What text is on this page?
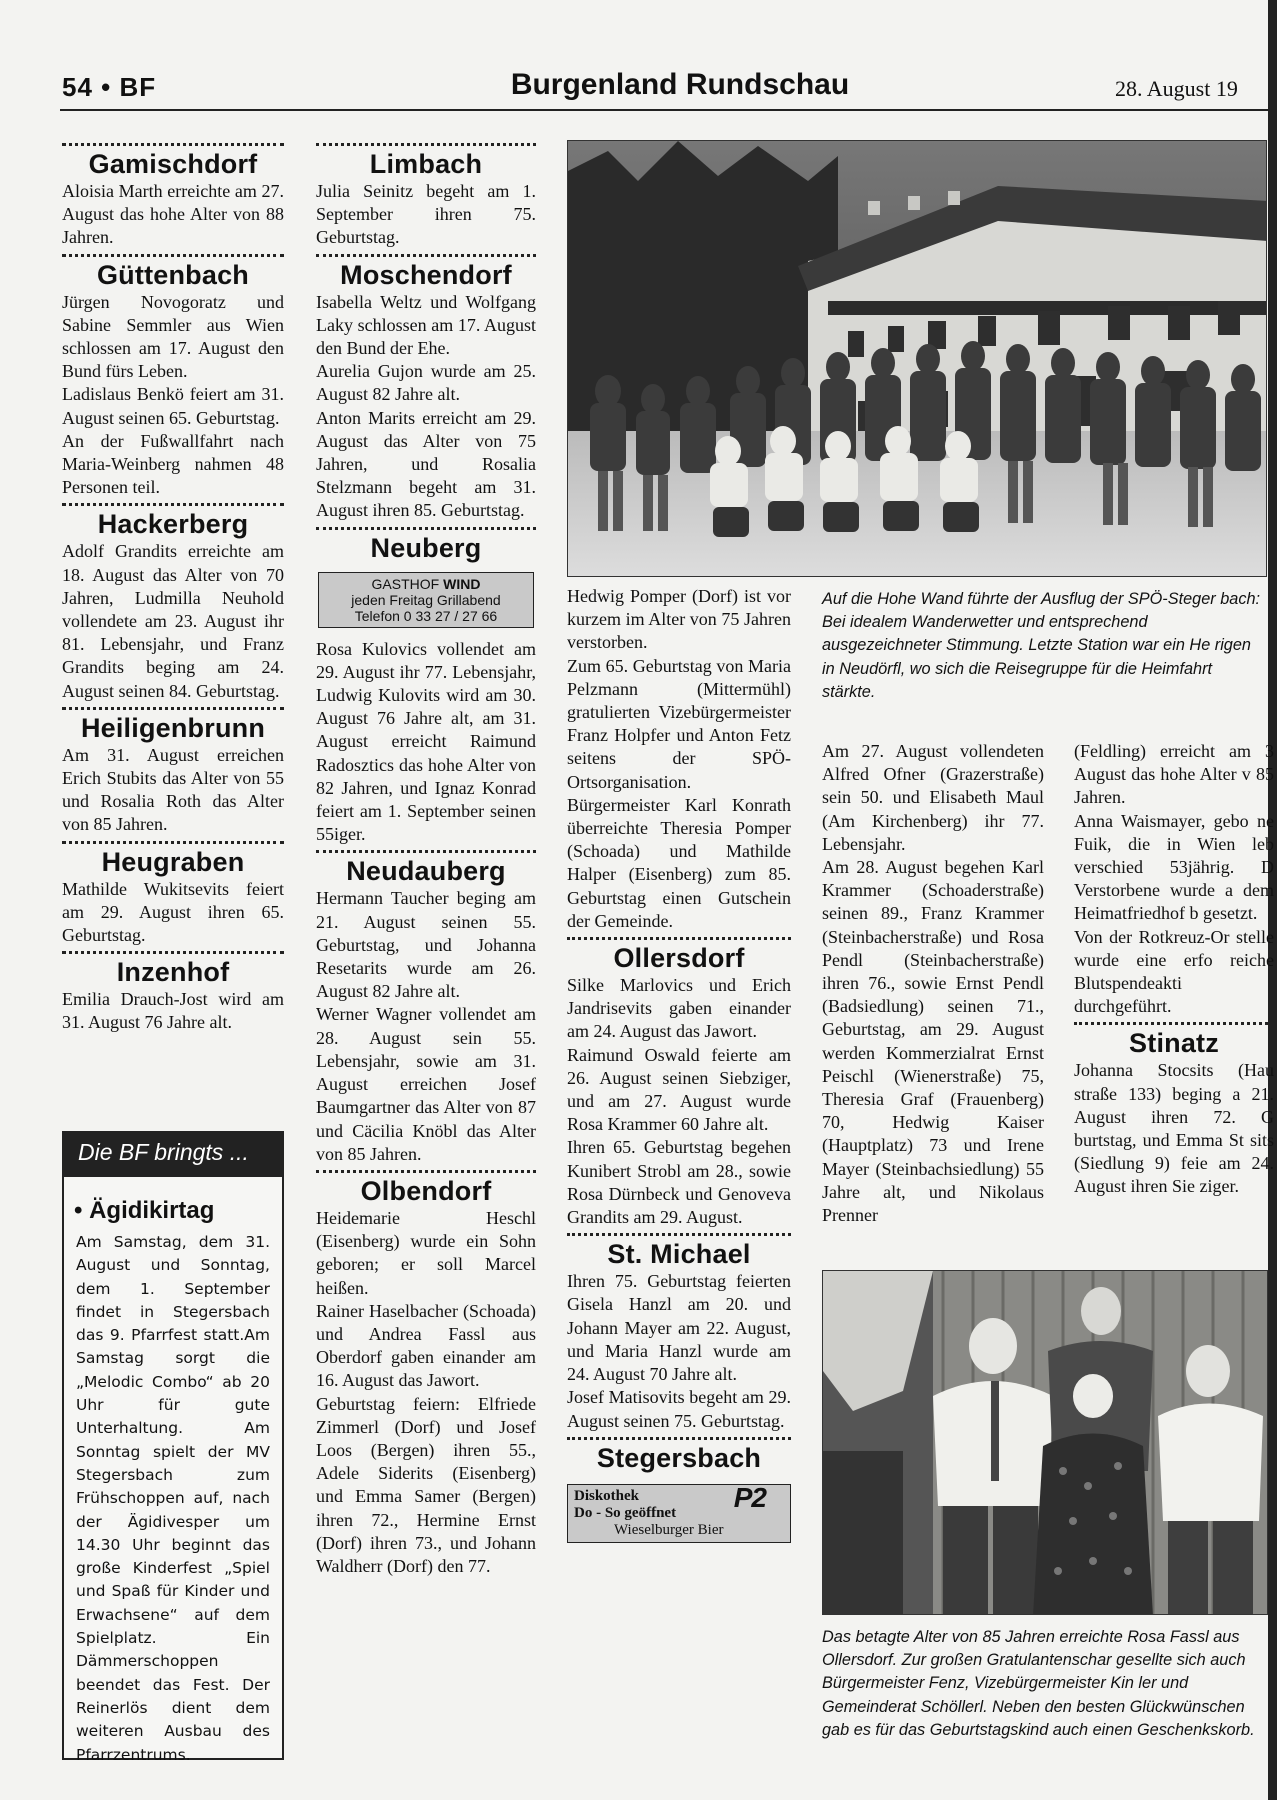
54 • BF	Burgenland Rundschau	28. August 19
Gamischdorf

Aloisia Marth erreichte am 27. August das hohe Alter von 88 Jahren.

Güttenbach

Jürgen Novogoratz und Sabine Semmler aus Wien schlossen am 17. August den Bund fürs Leben.

Ladislaus Benkö feiert am 31. August seinen 65. Geburtstag.

An der Fußwallfahrt nach Maria-Weinberg nahmen 48 Personen teil.

Hackerberg

Adolf Grandits erreichte am 18. August das Alter von 70 Jahren, Ludmilla Neuhold vollendete am 23. August ihr 81. Lebensjahr, und Franz Grandits beging am 24. August seinen 84. Geburtstag.

Heiligenbrunn

Am 31. August erreichen Erich Stubits das Alter von 55 und Rosalia Roth das Alter von 85 Jahren.

Heugraben

Mathilde Wukitsevits feiert am 29. August ihren 65. Geburtstag.

Inzenhof

Emilia Drauch-Jost wird am 31. August 76 Jahre alt.

Die BF bringts ...
• Ägidikirtag
Am Samstag, dem 31. August und Sonntag, dem 1. September findet in Stegersbach das 9. Pfarrfest statt.Am Samstag sorgt die „Melodic Combo“ ab 20 Uhr für gute Unterhaltung. Am Sonntag spielt der MV Stegersbach zum Frühschoppen auf, nach der Ägidivesper um 14.30 Uhr beginnt das große Kinderfest „Spiel und Spaß für Kinder und Erwachsene“ auf dem Spielplatz. Ein Dämmerschoppen beendet das Fest. Der Reinerlös dient dem weiteren Ausbau des Pfarrzentrums.
Limbach

Julia Seinitz begeht am 1. September ihren 75. Geburtstag.

Moschendorf

Isabella Weltz und Wolfgang Laky schlossen am 17. August den Bund der Ehe.

Aurelia Gujon wurde am 25. August 82 Jahre alt.

Anton Marits erreicht am 29. August das Alter von 75 Jahren, und Rosalia Stelzmann begeht am 31. August ihren 85. Geburtstag.

Neuberg
GASTHOF WIND
jeden Freitag Grillabend
Telefon 0 33 27 / 27 66

Rosa Kulovics vollendet am 29. August ihr 77. Lebensjahr, Ludwig Kulovits wird am 30. August 76 Jahre alt, am 31. August erreicht Raimund Radosztics das hohe Alter von 82 Jahren, und Ignaz Konrad feiert am 1. September seinen 55iger.

Neudauberg

Hermann Taucher beging am 21. August seinen 55. Geburtstag, und Johanna Resetarits wurde am 26. August 82 Jahre alt.

Werner Wagner vollendet am 28. August sein 55. Lebensjahr, sowie am 31. August erreichen Josef Baumgartner das Alter von 87 und Cäcilia Knöbl das Alter von 85 Jahren.

Olbendorf

Heidemarie Heschl (Eisenberg) wurde ein Sohn geboren; er soll Marcel heißen.

Rainer Haselbacher (Schoada) und Andrea Fassl aus Oberdorf gaben einander am 16. August das Jawort.

Geburtstag feiern: Elfriede Zimmerl (Dorf) und Josef Loos (Bergen) ihren 55., Adele Siderits (Eisenberg) und Emma Samer (Bergen) ihren 72., Hermine Ernst (Dorf) ihren 73., und Johann Waldherr (Dorf) den 77.

Auf die Hohe Wand führte der Ausflug der SPÖ-Steger bach: Bei idealem Wanderwetter und entsprechend ausgezeichneter Stimmung. Letzte Station war ein He rigen in Neudörfl, wo sich die Reisegruppe für die Heimfahrt stärkte.

Hedwig Pomper (Dorf) ist vor kurzem im Alter von 75 Jahren verstorben.

Zum 65. Geburtstag von Maria Pelzmann (Mittermühl) gratulierten Vizebürgermeister Franz Holpfer und Anton Fetz seitens der SPÖ-Ortsorganisation.

Bürgermeister Karl Konrath überreichte Theresia Pomper (Schoada) und Mathilde Halper (Eisenberg) zum 85. Geburtstag einen Gutschein der Gemeinde.

Ollersdorf

Silke Marlovics und Erich Jandrisevits gaben einander am 24. August das Jawort.

Raimund Oswald feierte am 26. August seinen Siebziger, und am 27. August wurde Rosa Krammer 60 Jahre alt.

Ihren 65. Geburtstag begehen Kunibert Strobl am 28., sowie Rosa Dürnbeck und Genoveva Grandits am 29. August.

St. Michael

Ihren 75. Geburtstag feierten Gisela Hanzl am 20. und Johann Mayer am 22. August, und Maria Hanzl wurde am 24. August 70 Jahre alt.

Josef Matisovits begeht am 29. August seinen 75. Geburtstag.

Stegersbach
Diskothek
Do - So geöffnet
Wieselburger Bier
P2

Am 27. August vollendeten Alfred Ofner (Grazerstraße) sein 50. und Elisabeth Maul (Am Kirchenberg) ihr 77. Lebensjahr.

Am 28. August begehen Karl Krammer (Schoaderstraße) seinen 89., Franz Krammer (Steinbacherstraße) und Rosa Pendl (Steinbacherstraße) ihren 76., sowie Ernst Pendl (Badsiedlung) seinen 71., Geburtstag, am 29. August werden Kommerzialrat Ernst Peischl (Wienerstraße) 75, Theresia Graf (Frauenberg) 70, Hedwig Kaiser (Hauptplatz) 73 und Irene Mayer (Steinbachsiedlung) 55 Jahre alt, und Nikolaus Prenner

(Feldling) erreicht am 3 August das hohe Alter v 85 Jahren.

Anna Waismayer, gebo ne Fuik, die in Wien leb verschied 53jährig. D Verstorbene wurde a dem Heimatfriedhof b gesetzt.

Von der Rotkreuz-Or stelle wurde eine erfo reiche Blutspendeakti durchgeführt.

Stinatz

Johanna Stocsits (Hau straße 133) beging a 21. August ihren 72. G burtstag, und Emma St sits (Siedlung 9) feie am 24. August ihren Sie ziger.

Das betagte Alter von 85 Jahren erreichte Rosa Fassl aus Ollersdorf. Zur großen Gratulantenschar gesellte sich auch Bürgermeister Fenz, Vizebürgermeister Kin ler und Gemeinderat Schöllerl. Neben den besten Glückwünschen gab es für das Geburtstagskind auch einen Geschenkskorb.
